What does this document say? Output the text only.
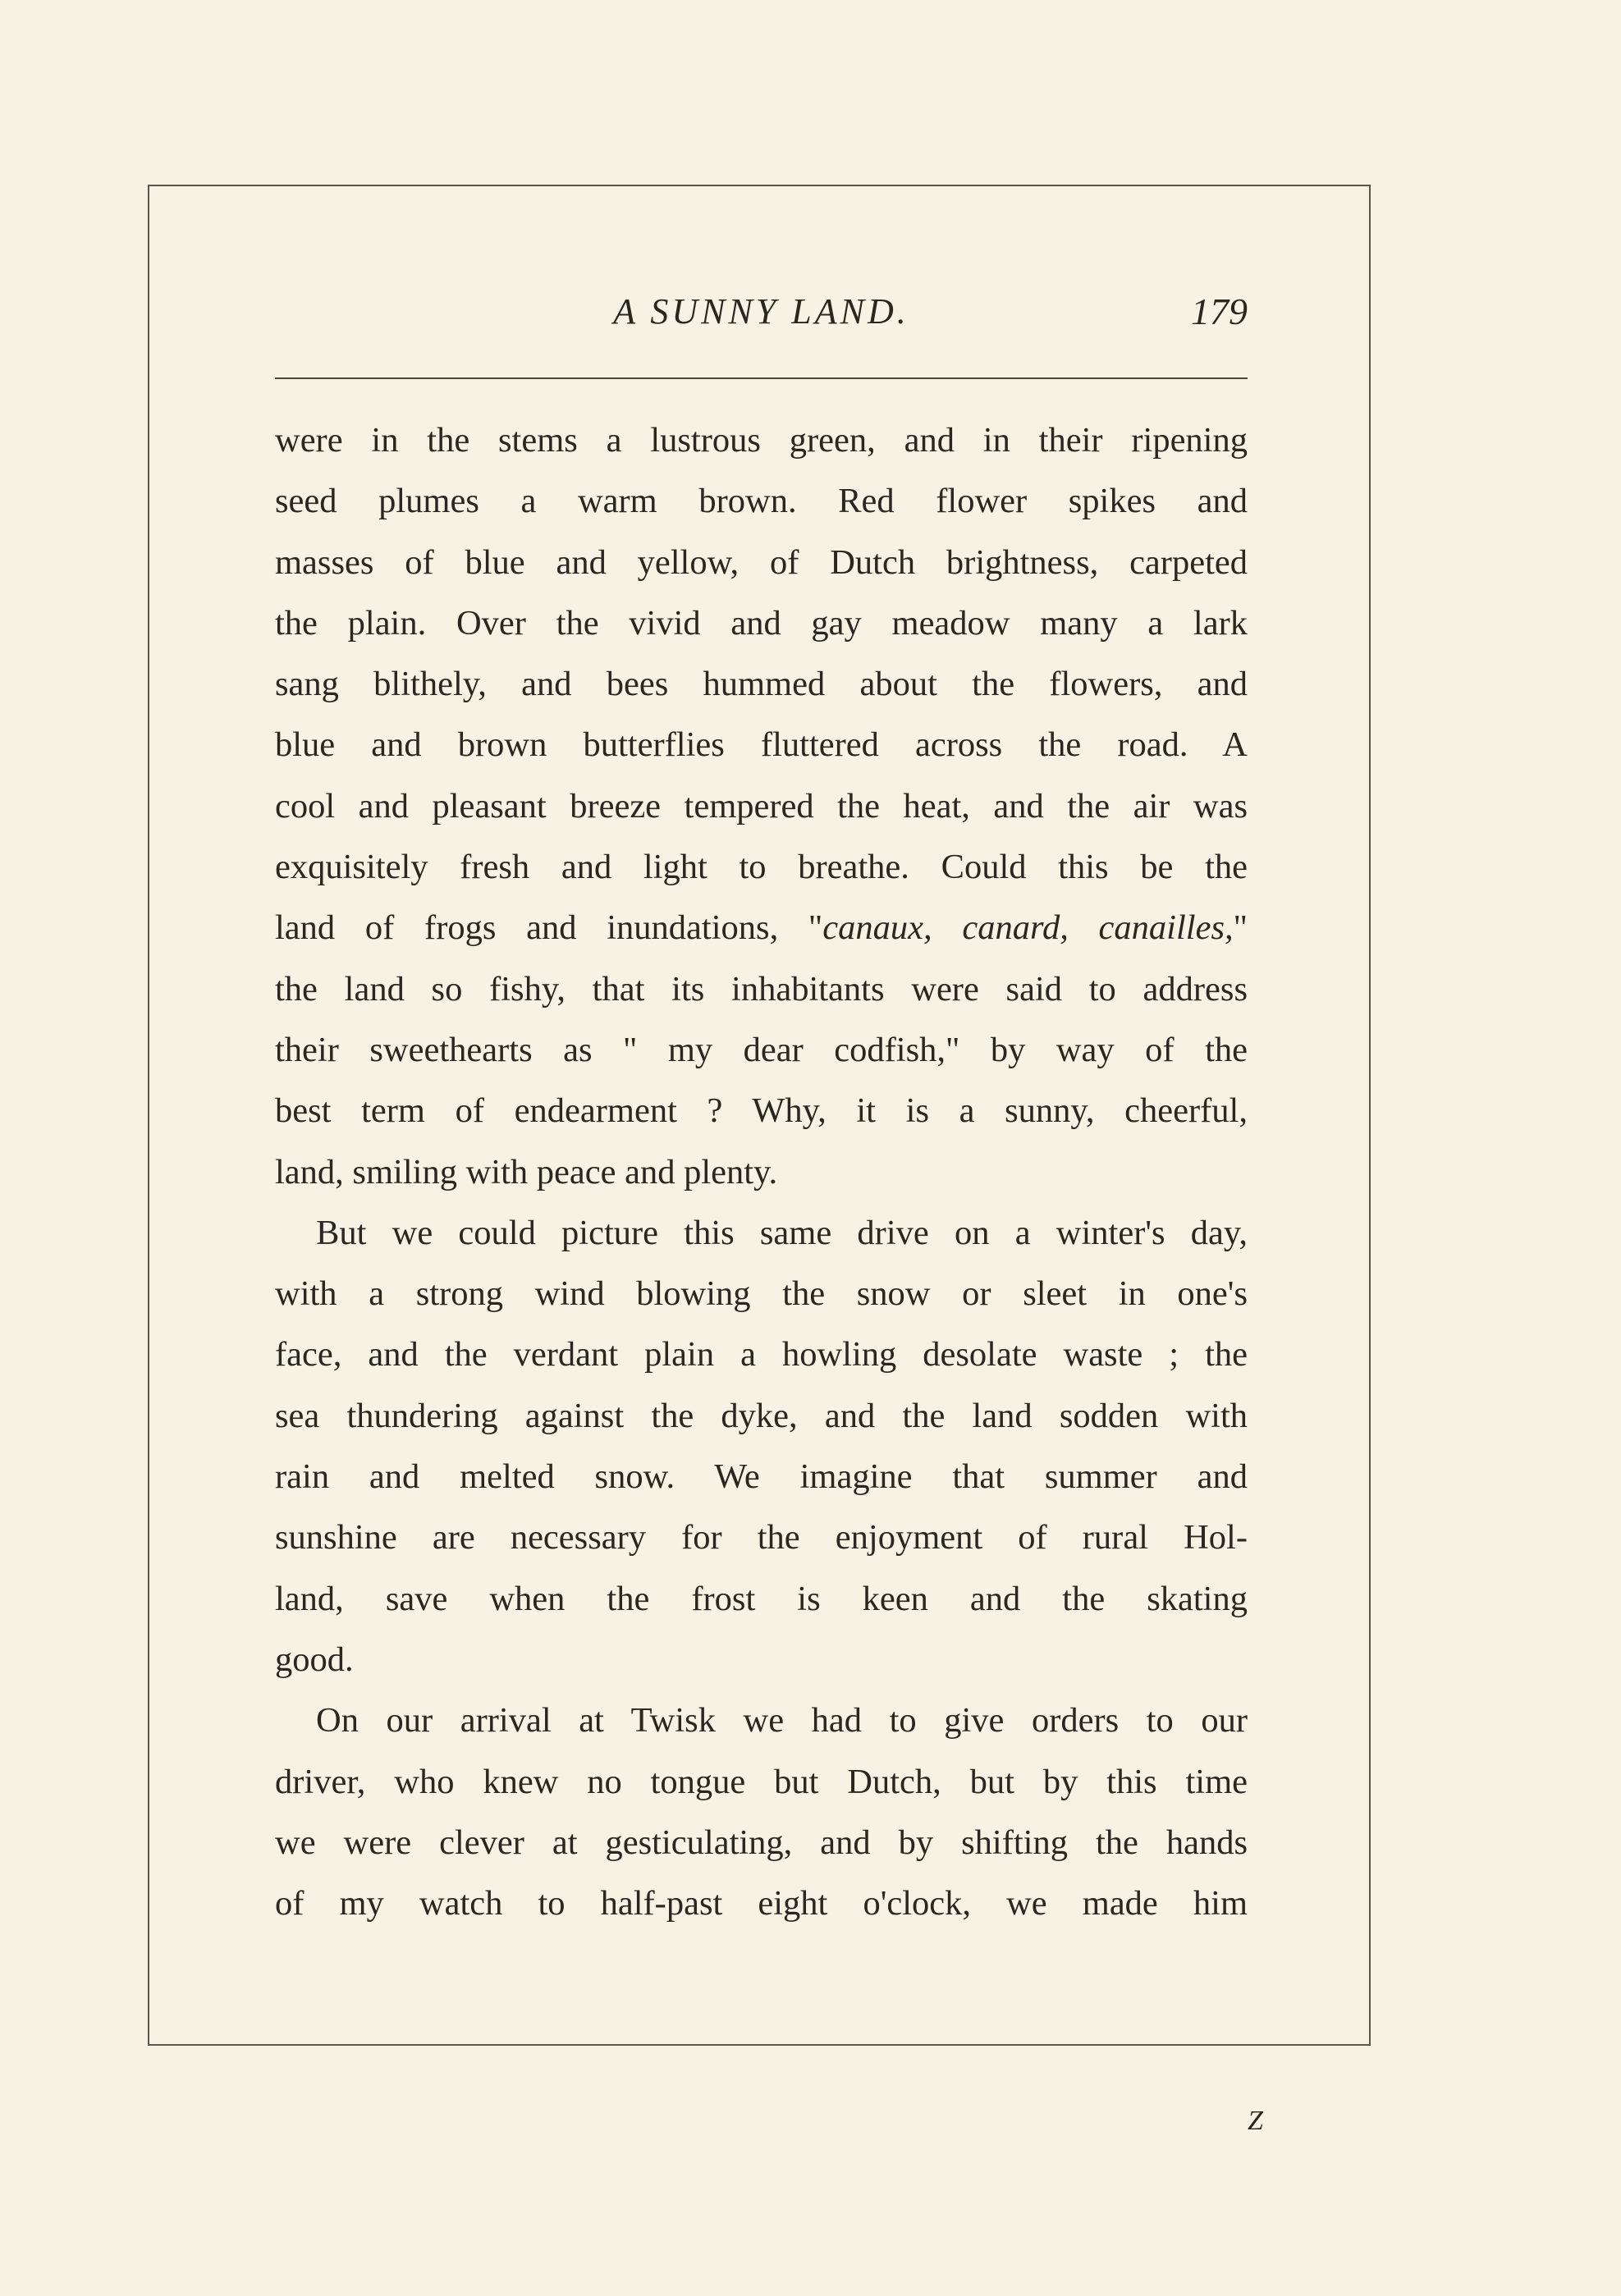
A SUNNY LAND.	179
were in the stems a lustrous green, and in their ripening
seed plumes a warm brown. Red flower spikes and
masses of blue and yellow, of Dutch brightness, carpeted
the plain. Over the vivid and gay meadow many a lark
sang blithely, and bees hummed about the flowers, and
blue and brown butterflies fluttered across the road. A
cool and pleasant breeze tempered the heat, and the air was
exquisitely fresh and light to breathe. Could this be the
land of frogs and inundations, "canaux, canard, canailles,"
the land so fishy, that its inhabitants were said to address
their sweethearts as " my dear codfish," by way of the
best term of endearment ? Why, it is a sunny, cheerful,
land, smiling with peace and plenty.
But we could picture this same drive on a winter's day,
with a strong wind blowing the snow or sleet in one's
face, and the verdant plain a howling desolate waste ; the
sea thundering against the dyke, and the land sodden with
rain and melted snow. We imagine that summer and
sunshine are necessary for the enjoyment of rural Hol-
land, save when the frost is keen and the skating
good.
On our arrival at Twisk we had to give orders to our
driver, who knew no tongue but Dutch, but by this time
we were clever at gesticulating, and by shifting the hands
of my watch to half-past eight o'clock, we made him
Z
